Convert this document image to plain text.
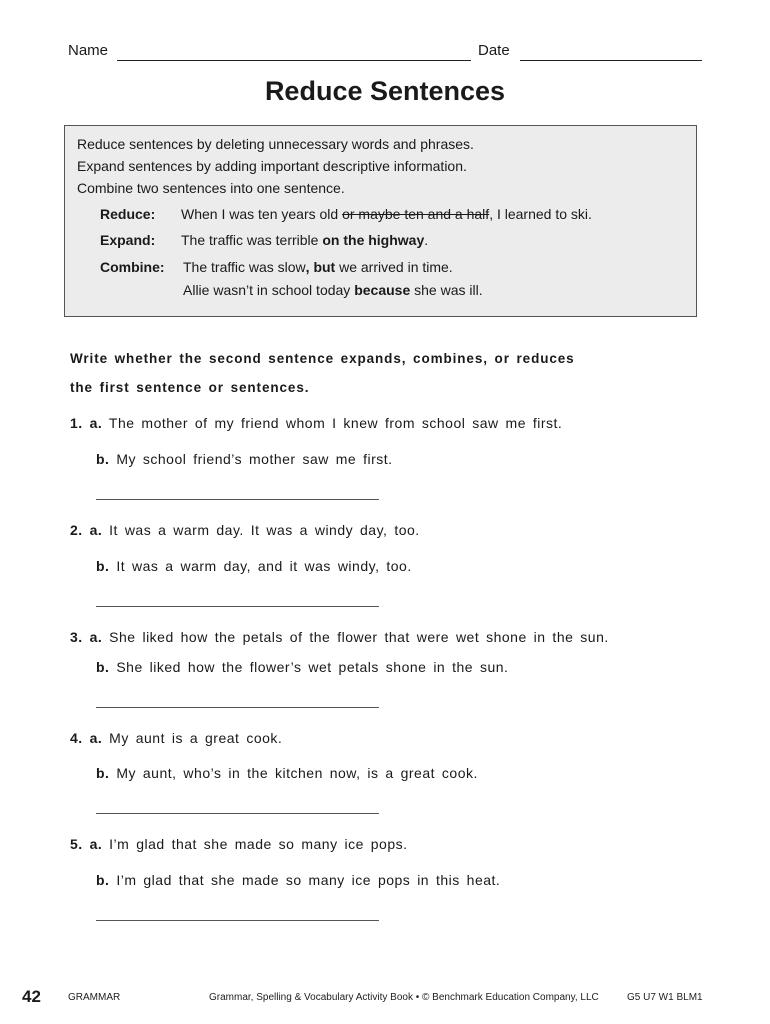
Name	Date
Reduce Sentences
Reduce sentences by deleting unnecessary words and phrases.
Expand sentences by adding important descriptive information.
Combine two sentences into one sentence.
Reduce: When I was ten years old or maybe ten and a half, I learned to ski.
Expand: The traffic was terrible on the highway.
Combine: The traffic was slow, but we arrived in time.
Allie wasn’t in school today because she was ill.
Write whether the second sentence expands, combines, or reduces
the first sentence or sentences.
1. a. The mother of my friend whom I knew from school saw me first.
b. My school friend’s mother saw me first.
2. a. It was a warm day. It was a windy day, too.
b. It was a warm day, and it was windy, too.
3. a. She liked how the petals of the flower that were wet shone in the sun.
b. She liked how the flower’s wet petals shone in the sun.
4. a. My aunt is a great cook.
b. My aunt, who’s in the kitchen now, is a great cook.
5. a. I’m glad that she made so many ice pops.
b. I’m glad that she made so many ice pops in this heat.
42	GRAMMAR	Grammar, Spelling & Vocabulary Activity Book • © Benchmark Education Company, LLC	G5 U7 W1 BLM1
